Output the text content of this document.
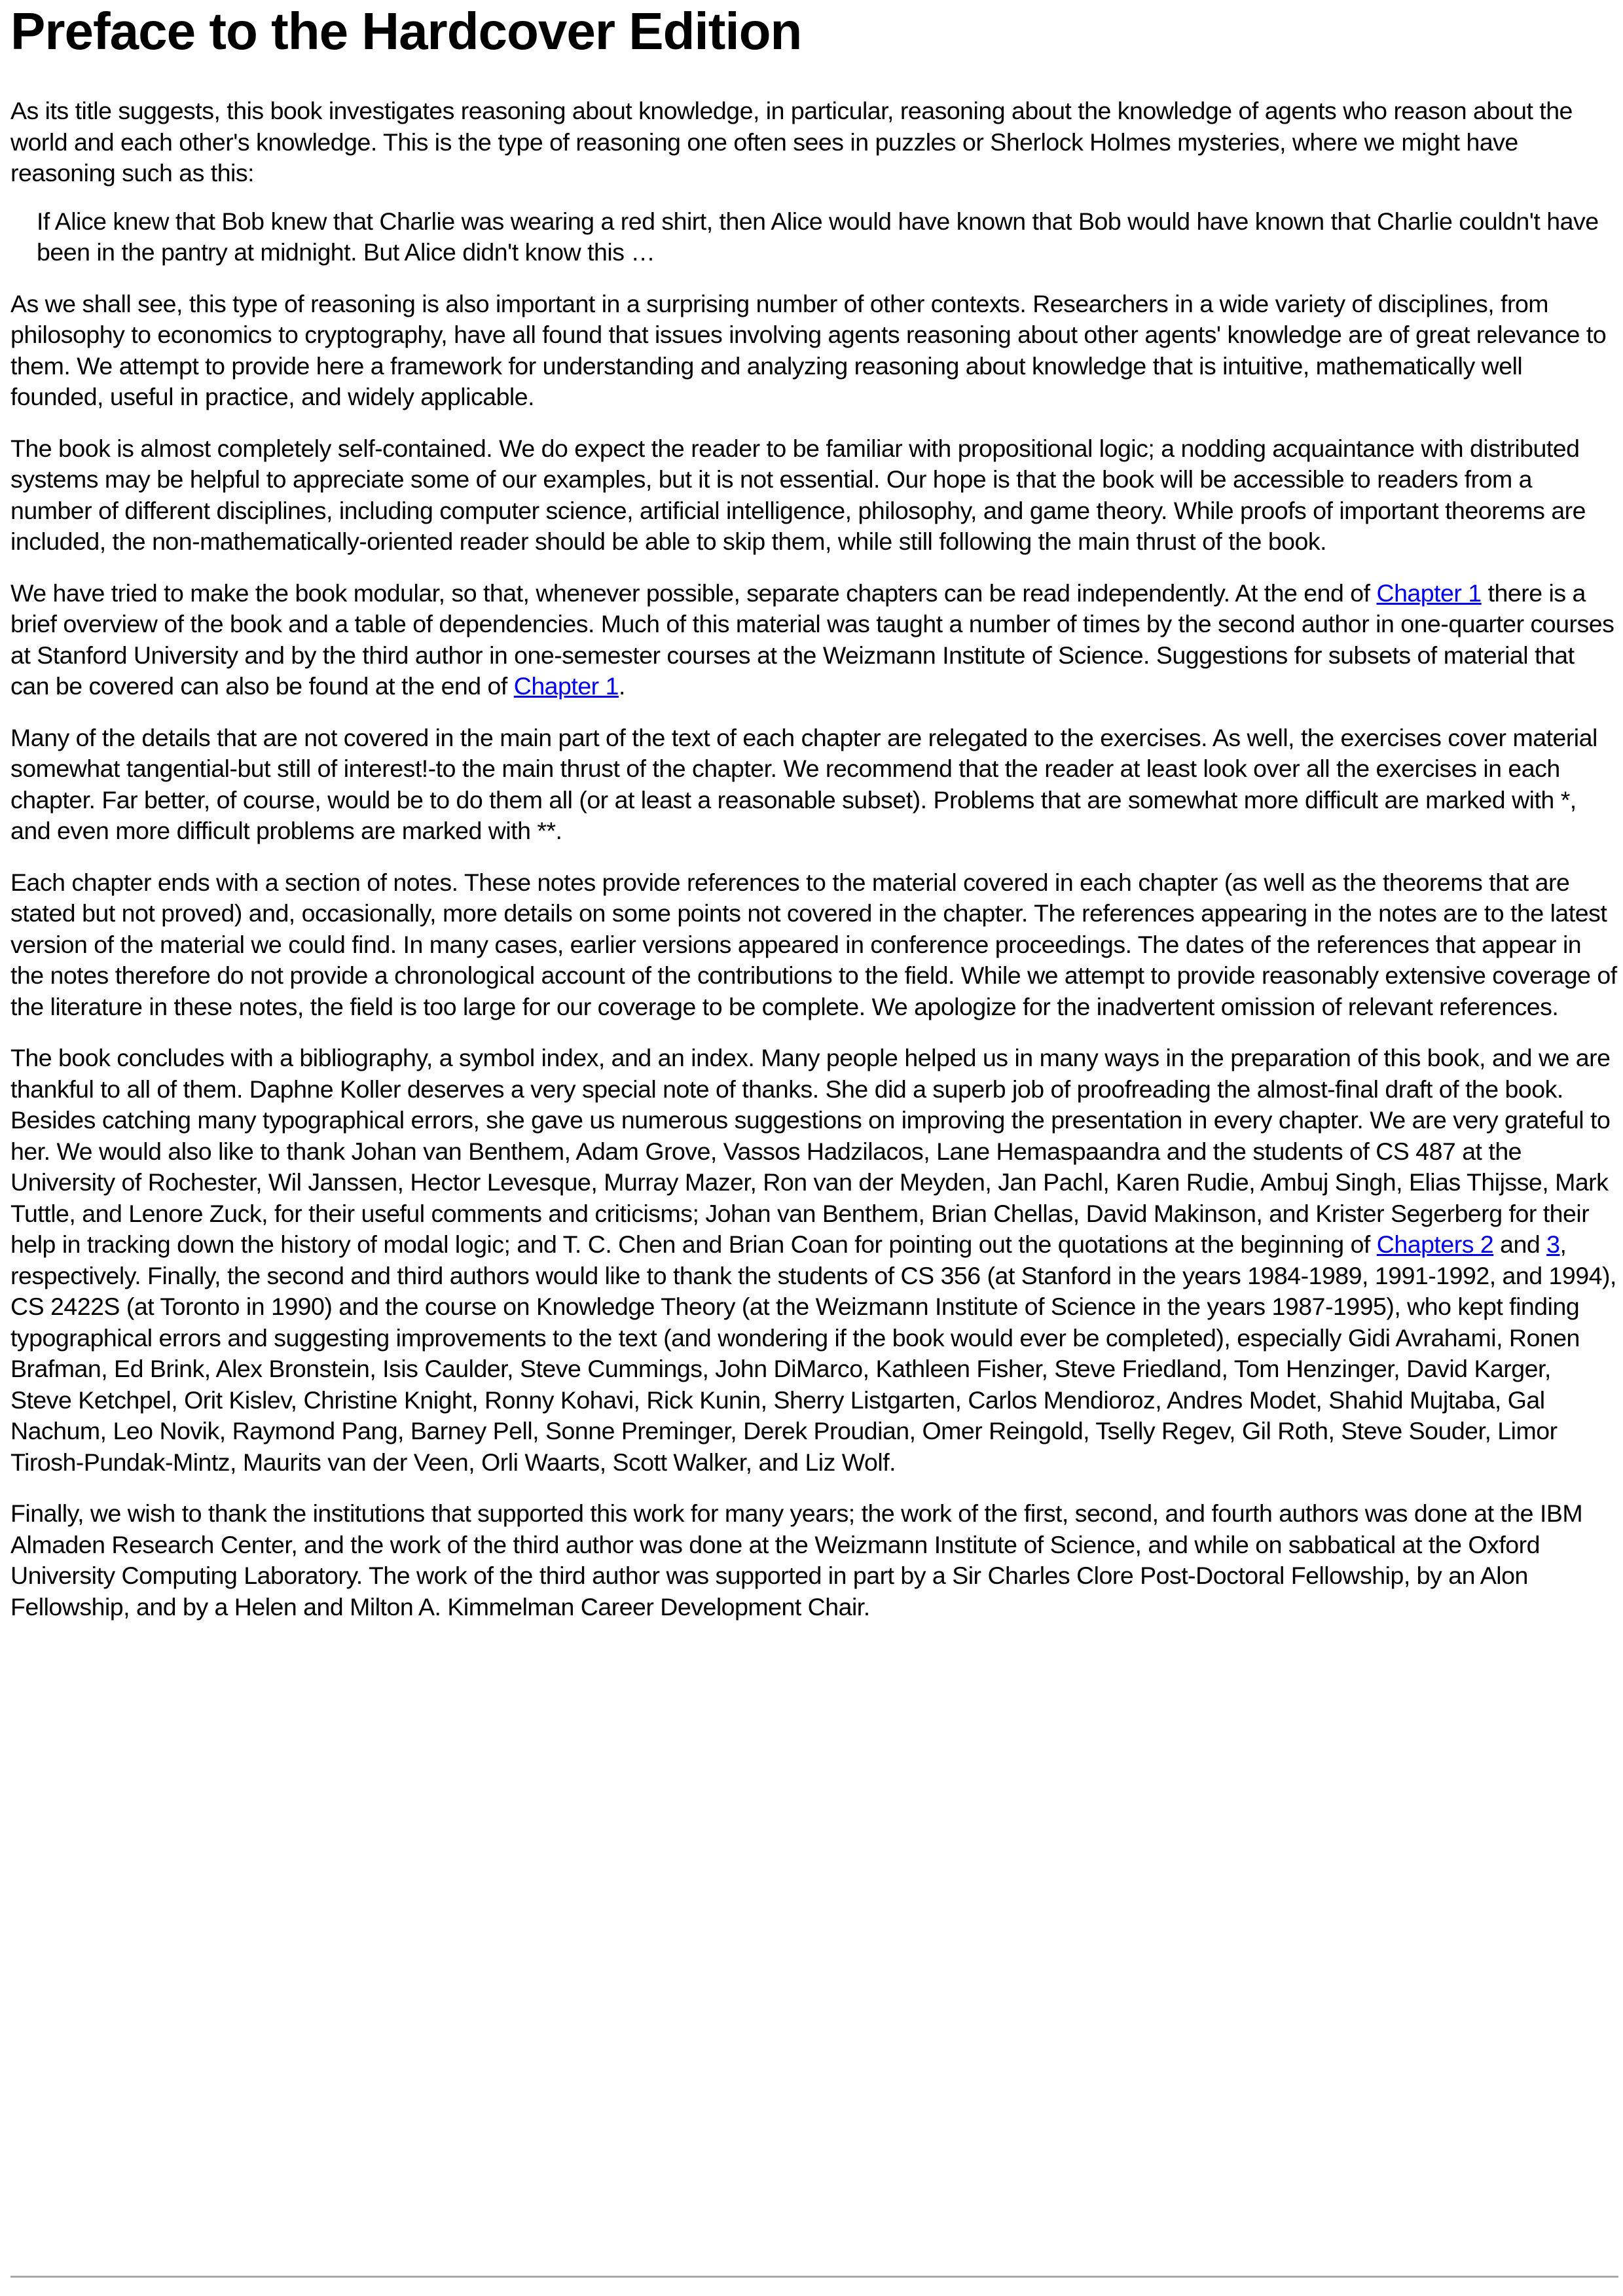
Preface to the Hardcover Edition

As its title suggests, this book investigates reasoning about knowledge, in particular, reasoning about the knowledge of agents who reason about the world and each other's knowledge. This is the type of reasoning one often sees in puzzles or Sherlock Holmes mysteries, where we might have reasoning such as this:

If Alice knew that Bob knew that Charlie was wearing a red shirt, then Alice would have known that Bob would have known that Charlie couldn't have been in the pantry at midnight. But Alice didn't know this …

As we shall see, this type of reasoning is also important in a surprising number of other contexts. Researchers in a wide variety of disciplines, from philosophy to economics to cryptography, have all found that issues involving agents reasoning about other agents' knowledge are of great relevance to them. We attempt to provide here a framework for understanding and analyzing reasoning about knowledge that is intuitive, mathematically well founded, useful in practice, and widely applicable.

The book is almost completely self-contained. We do expect the reader to be familiar with propositional logic; a nodding acquaintance with distributed systems may be helpful to appreciate some of our examples, but it is not essential. Our hope is that the book will be accessible to readers from a number of different disciplines, including computer science, artificial intelligence, philosophy, and game theory. While proofs of important theorems are included, the non-mathematically-oriented reader should be able to skip them, while still following the main thrust of the book.

We have tried to make the book modular, so that, whenever possible, separate chapters can be read independently. At the end of Chapter 1 there is a brief overview of the book and a table of dependencies. Much of this material was taught a number of times by the second author in one-quarter courses at Stanford University and by the third author in one-semester courses at the Weizmann Institute of Science. Suggestions for subsets of material that can be covered can also be found at the end of Chapter 1.

Many of the details that are not covered in the main part of the text of each chapter are relegated to the exercises. As well, the exercises cover material somewhat tangential-but still of interest!-to the main thrust of the chapter. We recommend that the reader at least look over all the exercises in each chapter. Far better, of course, would be to do them all (or at least a reasonable subset). Problems that are somewhat more difficult are marked with *, and even more difficult problems are marked with **.

Each chapter ends with a section of notes. These notes provide references to the material covered in each chapter (as well as the theorems that are stated but not proved) and, occasionally, more details on some points not covered in the chapter. The references appearing in the notes are to the latest version of the material we could find. In many cases, earlier versions appeared in conference proceedings. The dates of the references that appear in the notes therefore do not provide a chronological account of the contributions to the field. While we attempt to provide reasonably extensive coverage of the literature in these notes, the field is too large for our coverage to be complete. We apologize for the inadvertent omission of relevant references.

The book concludes with a bibliography, a symbol index, and an index. Many people helped us in many ways in the preparation of this book, and we are thankful to all of them. Daphne Koller deserves a very special note of thanks. She did a superb job of proofreading the almost-final draft of the book. Besides catching many typographical errors, she gave us numerous suggestions on improving the presentation in every chapter. We are very grateful to her. We would also like to thank Johan van Benthem, Adam Grove, Vassos Hadzilacos, Lane Hemaspaandra and the students of CS 487 at the University of Rochester, Wil Janssen, Hector Levesque, Murray Mazer, Ron van der Meyden, Jan Pachl, Karen Rudie, Ambuj Singh, Elias Thijsse, Mark Tuttle, and Lenore Zuck, for their useful comments and criticisms; Johan van Benthem, Brian Chellas, David Makinson, and Krister Segerberg for their help in tracking down the history of modal logic; and T. C. Chen and Brian Coan for pointing out the quotations at the beginning of Chapters 2 and 3, respectively. Finally, the second and third authors would like to thank the students of CS 356 (at Stanford in the years 1984-1989, 1991-1992, and 1994), CS 2422S (at Toronto in 1990) and the course on Knowledge Theory (at the Weizmann Institute of Science in the years 1987-1995), who kept finding typographical errors and suggesting improvements to the text (and wondering if the book would ever be completed), especially Gidi Avrahami, Ronen Brafman, Ed Brink, Alex Bronstein, Isis Caulder, Steve Cummings, John DiMarco, Kathleen Fisher, Steve Friedland, Tom Henzinger, David Karger, Steve Ketchpel, Orit Kislev, Christine Knight, Ronny Kohavi, Rick Kunin, Sherry Listgarten, Carlos Mendioroz, Andres Modet, Shahid Mujtaba, Gal Nachum, Leo Novik, Raymond Pang, Barney Pell, Sonne Preminger, Derek Proudian, Omer Reingold, Tselly Regev, Gil Roth, Steve Souder, Limor Tirosh-Pundak-Mintz, Maurits van der Veen, Orli Waarts, Scott Walker, and Liz Wolf.

Finally, we wish to thank the institutions that supported this work for many years; the work of the first, second, and fourth authors was done at the IBM Almaden Research Center, and the work of the third author was done at the Weizmann Institute of Science, and while on sabbatical at the Oxford University Computing Laboratory. The work of the third author was supported in part by a Sir Charles Clore Post-Doctoral Fellowship, by an Alon Fellowship, and by a Helen and Milton A. Kimmelman Career Development Chair.
